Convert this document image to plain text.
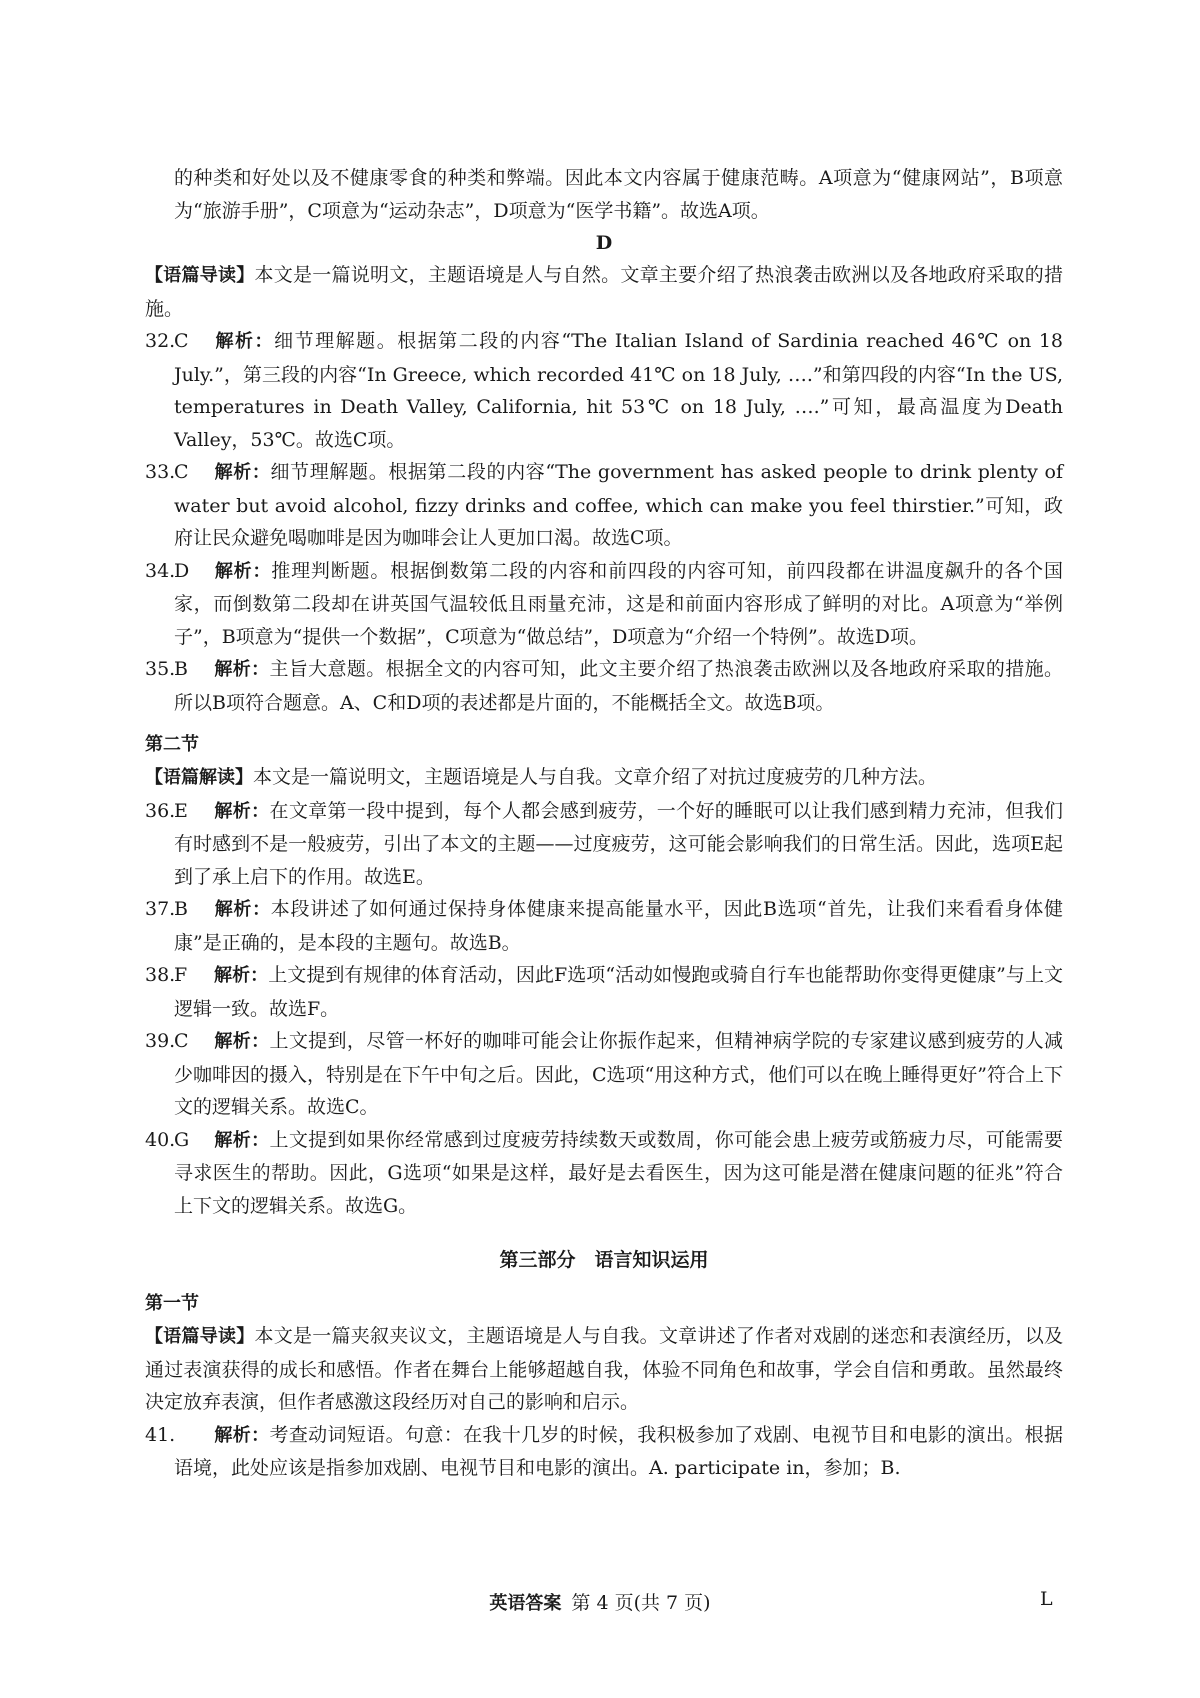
的种类和好处以及不健康零食的种类和弊端。因此本文内容属于健康范畴。A项意为“健康网站”，B项意为“旅游手册”，C项意为“运动杂志”，D项意为“医学书籍”。故选A项。

D

【语篇导读】本文是一篇说明文，主题语境是人与自然。文章主要介绍了热浪袭击欧洲以及各地政府采取的措施。

32.C 解析：细节理解题。根据第二段的内容“The Italian Island of Sardinia reached 46℃ on 18 July.”，第三段的内容“In Greece, which recorded 41℃ on 18 July, ….”和第四段的内容“In the US, temperatures in Death Valley, California, hit 53℃ on 18 July, ….”可知，最高温度为Death Valley，53℃。故选C项。

33.C 解析：细节理解题。根据第二段的内容“The government has asked people to drink plenty of water but avoid alcohol, fizzy drinks and coffee, which can make you feel thirstier.”可知，政府让民众避免喝咖啡是因为咖啡会让人更加口渴。故选C项。

34.D 解析：推理判断题。根据倒数第二段的内容和前四段的内容可知，前四段都在讲温度飙升的各个国家，而倒数第二段却在讲英国气温较低且雨量充沛，这是和前面内容形成了鲜明的对比。A项意为“举例子”，B项意为“提供一个数据”，C项意为“做总结”，D项意为“介绍一个特例”。故选D项。

35.B 解析：主旨大意题。根据全文的内容可知，此文主要介绍了热浪袭击欧洲以及各地政府采取的措施。所以B项符合题意。A、C和D项的表述都是片面的，不能概括全文。故选B项。

第二节

【语篇解读】本文是一篇说明文，主题语境是人与自我。文章介绍了对抗过度疲劳的几种方法。

36.E 解析：在文章第一段中提到，每个人都会感到疲劳，一个好的睡眠可以让我们感到精力充沛，但我们有时感到不是一般疲劳，引出了本文的主题——过度疲劳，这可能会影响我们的日常生活。因此，选项E起到了承上启下的作用。故选E。

37.B 解析：本段讲述了如何通过保持身体健康来提高能量水平，因此B选项“首先，让我们来看看身体健康”是正确的，是本段的主题句。故选B。

38.F 解析：上文提到有规律的体育活动，因此F选项“活动如慢跑或骑自行车也能帮助你变得更健康”与上文逻辑一致。故选F。

39.C 解析：上文提到，尽管一杯好的咖啡可能会让你振作起来，但精神病学院的专家建议感到疲劳的人减少咖啡因的摄入，特别是在下午中旬之后。因此，C选项“用这种方式，他们可以在晚上睡得更好”符合上下文的逻辑关系。故选C。

40.G 解析：上文提到如果你经常感到过度疲劳持续数天或数周，你可能会患上疲劳或筋疲力尽，可能需要寻求医生的帮助。因此，G选项“如果是这样，最好是去看医生，因为这可能是潜在健康问题的征兆”符合上下文的逻辑关系。故选G。

第三部分　语言知识运用

第一节

【语篇导读】本文是一篇夹叙夹议文，主题语境是人与自我。文章讲述了作者对戏剧的迷恋和表演经历，以及通过表演获得的成长和感悟。作者在舞台上能够超越自我，体验不同角色和故事，学会自信和勇敢。虽然最终决定放弃表演，但作者感激这段经历对自己的影响和启示。

41. 解析：考查动词短语。句意：在我十几岁的时候，我积极参加了戏剧、电视节目和电影的演出。根据语境，此处应该是指参加戏剧、电视节目和电影的演出。A. participate in，参加；B.

英语答案 第 4 页(共 7 页)	L
